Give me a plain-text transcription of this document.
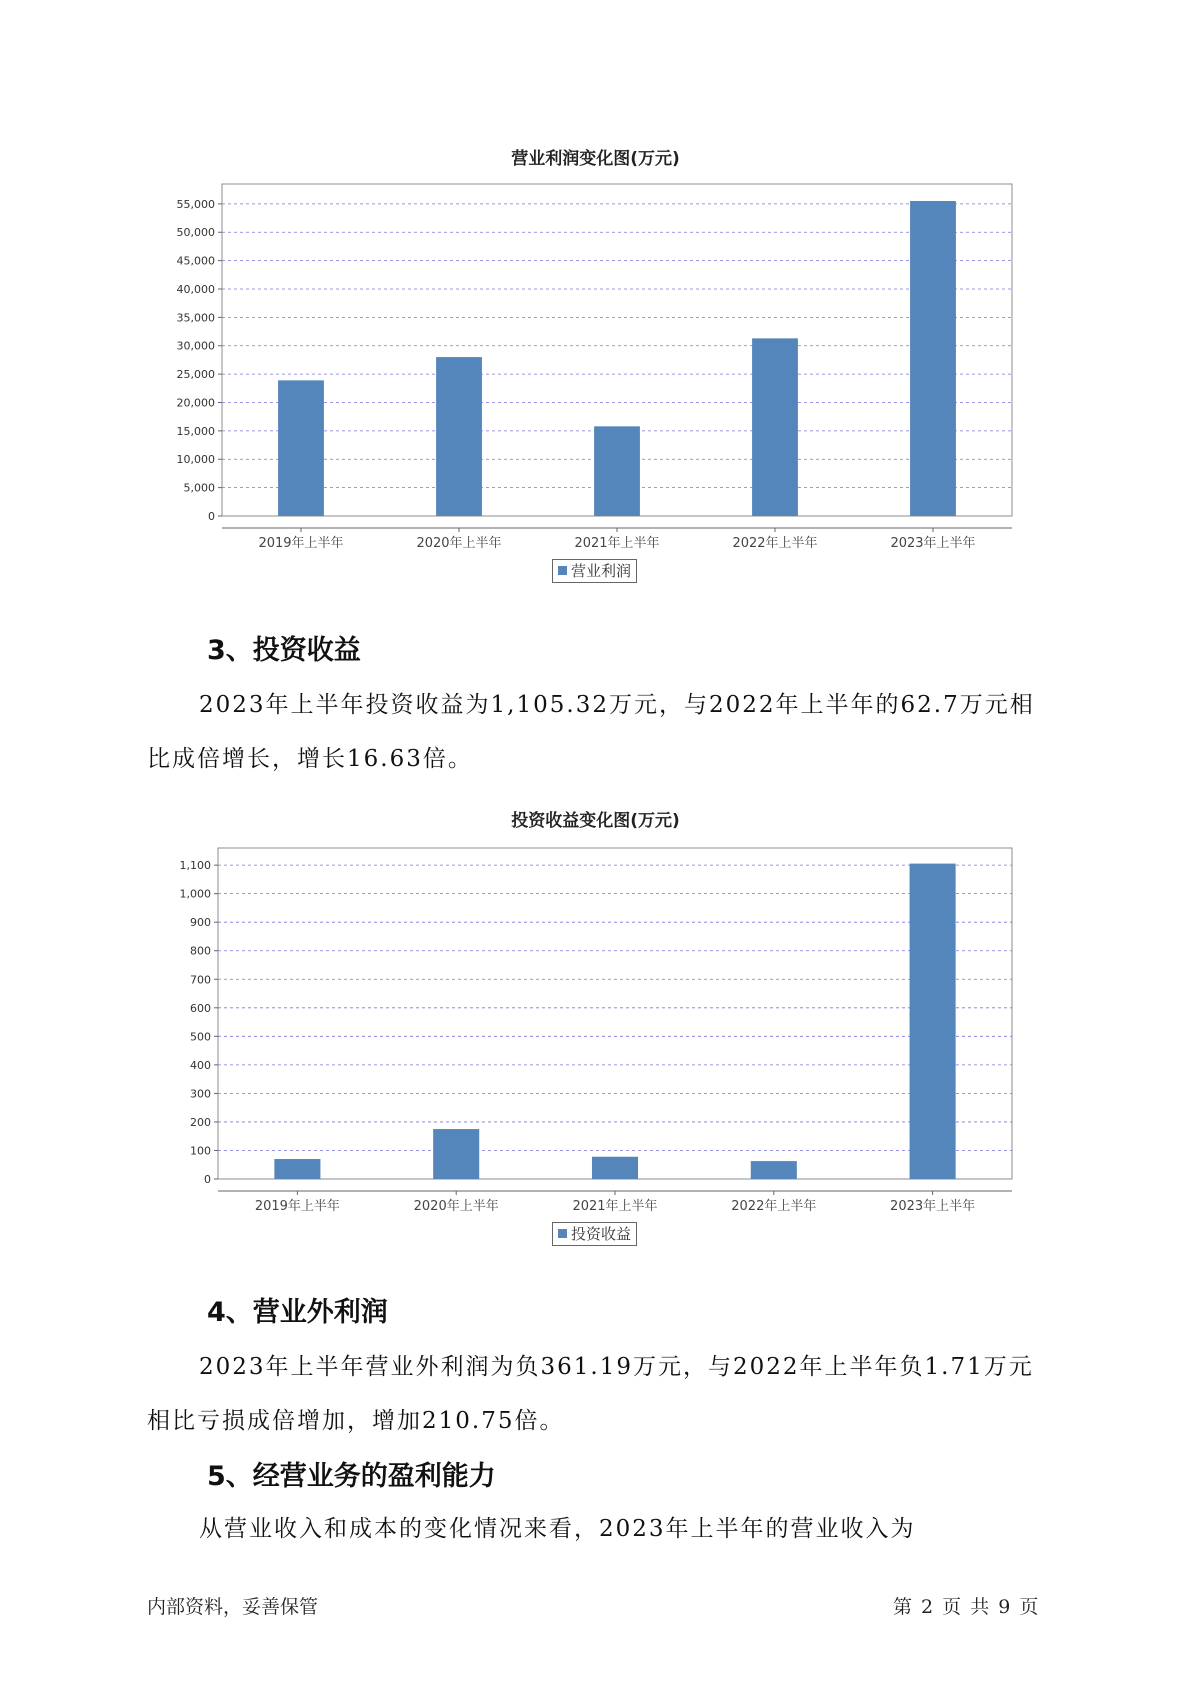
营业利润变化图(万元)
0
5,000
10,000
15,000
20,000
25,000
30,000
35,000
40,000
45,000
50,000
55,000
2019年上半年	2020年上半年	2021年上半年	2022年上半年	2023年上半年
营业利润
3、投资收益
2023年上半年投资收益为1,105.32万元，与2022年上半年的62.7万元相比成倍增长，增长16.63倍。
投资收益变化图(万元)
0
100
200
300
400
500
600
700
800
900
1,000
1,100
2019年上半年	2020年上半年	2021年上半年	2022年上半年	2023年上半年
投资收益
4、营业外利润
2023年上半年营业外利润为负361.19万元，与2022年上半年负1.71万元相比亏损成倍增加，增加210.75倍。
5、经营业务的盈利能力
从营业收入和成本的变化情况来看，2023年上半年的营业收入为
内部资料，妥善保管	第 2 页 共 9 页
